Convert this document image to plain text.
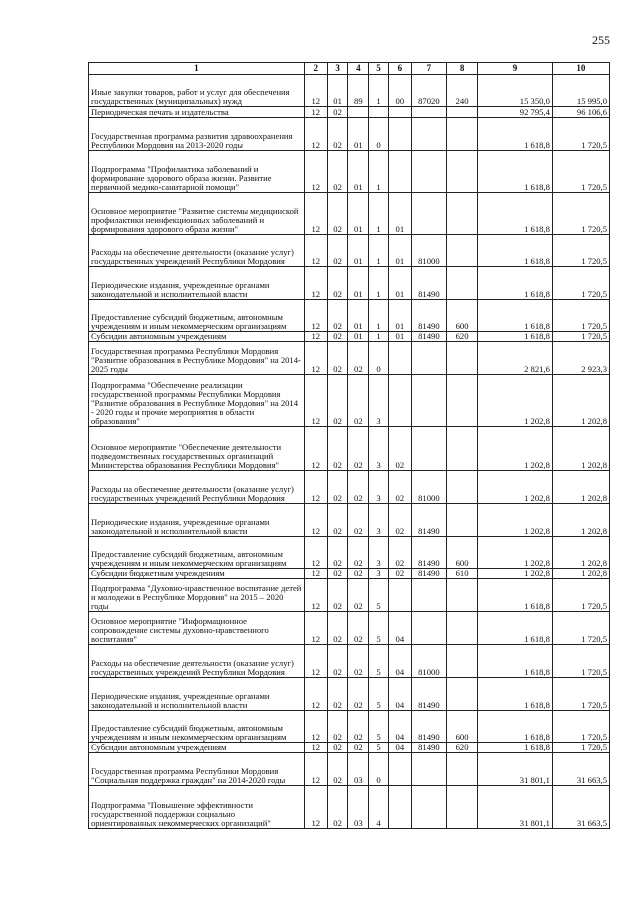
255
1	2	3	4	5	6	7	8	9	10
Иные закупки товаров, работ и услуг для обеспечения государственных (муниципальных) нужд	12	01	89	1	00	87020	240	15 350,0	15 995,0
Периодическая печать и издательства	12	02						92 795,4	96 106,6
Государственная программа развития здравоохранения Республики Мордовия на 2013-2020 годы	12	02	01	0				1 618,8	1 720,5
Подпрограмма "Профилактика заболеваний и формирование здорового образа жизни. Развитие первичной медико-санитарной помощи"	12	02	01	1				1 618,8	1 720,5
Основное мероприятие "Развитие системы медицинской профилактики неинфекционных заболеваний и формирования здорового образа жизни"	12	02	01	1	01			1 618,8	1 720,5
Расходы на обеспечение деятельности (оказание услуг) государственных учреждений Республики Мордовия	12	02	01	1	01	81000		1 618,8	1 720,5
Периодические издания, учрежденные органами законодательной и исполнительной власти	12	02	01	1	01	81490		1 618,8	1 720,5
Предоставление субсидий бюджетным, автономным учреждениям и иным некоммерческим организациям	12	02	01	1	01	81490	600	1 618,8	1 720,5
Субсидии автономным учреждениям	12	02	01	1	01	81490	620	1 618,8	1 720,5
Государственная программа Республики Мордовия "Развитие образования в Республике Мордовия" на 2014-2025 годы	12	02	02	0				2 821,6	2 923,3
Подпрограмма "Обеспечение реализации государственной программы Республики Мордовия "Развитие образования в Республике Мордовия" на 2014 - 2020 годы и прочие мероприятия в области образования"	12	02	02	3				1 202,8	1 202,8
Основное мероприятие "Обеспечение деятельности подведомственных государственных организаций Министерства образования Республики Мордовия"	12	02	02	3	02			1 202,8	1 202,8
Расходы на обеспечение деятельности (оказание услуг) государственных учреждений Республики Мордовия	12	02	02	3	02	81000		1 202,8	1 202,8
Периодические издания, учрежденные органами законодательной и исполнительной власти	12	02	02	3	02	81490		1 202,8	1 202,8
Предоставление субсидий бюджетным, автономным учреждениям и иным некоммерческим организациям	12	02	02	3	02	81490	600	1 202,8	1 202,8
Субсидии бюджетным учреждениям	12	02	02	3	02	81490	610	1 202,8	1 202,8
Подпрограмма "Духовно-нравственное воспитание детей и молодежи в Республике Мордовия" на 2015 – 2020 годы	12	02	02	5				1 618,8	1 720,5
Основное мероприятие "Информационное сопровождение системы духовно-нравственного воспитания"	12	02	02	5	04			1 618,8	1 720,5
Расходы на обеспечение деятельности (оказание услуг) государственных учреждений Республики Мордовия	12	02	02	5	04	81000		1 618,8	1 720,5
Периодические издания, учрежденные органами законодательной и исполнительной власти	12	02	02	5	04	81490		1 618,8	1 720,5
Предоставление субсидий бюджетным, автономным учреждениям и иным некоммерческим организациям	12	02	02	5	04	81490	600	1 618,8	1 720,5
Субсидии автономным учреждениям	12	02	02	5	04	81490	620	1 618,8	1 720,5
Государственная программа Республики Мордовия "Социальная поддержка граждан" на 2014-2020 годы	12	02	03	0				31 801,1	31 663,5
Подпрограмма "Повышение эффективности государственной поддержки социально ориентированных некоммерческих организаций"	12	02	03	4				31 801,1	31 663,5
